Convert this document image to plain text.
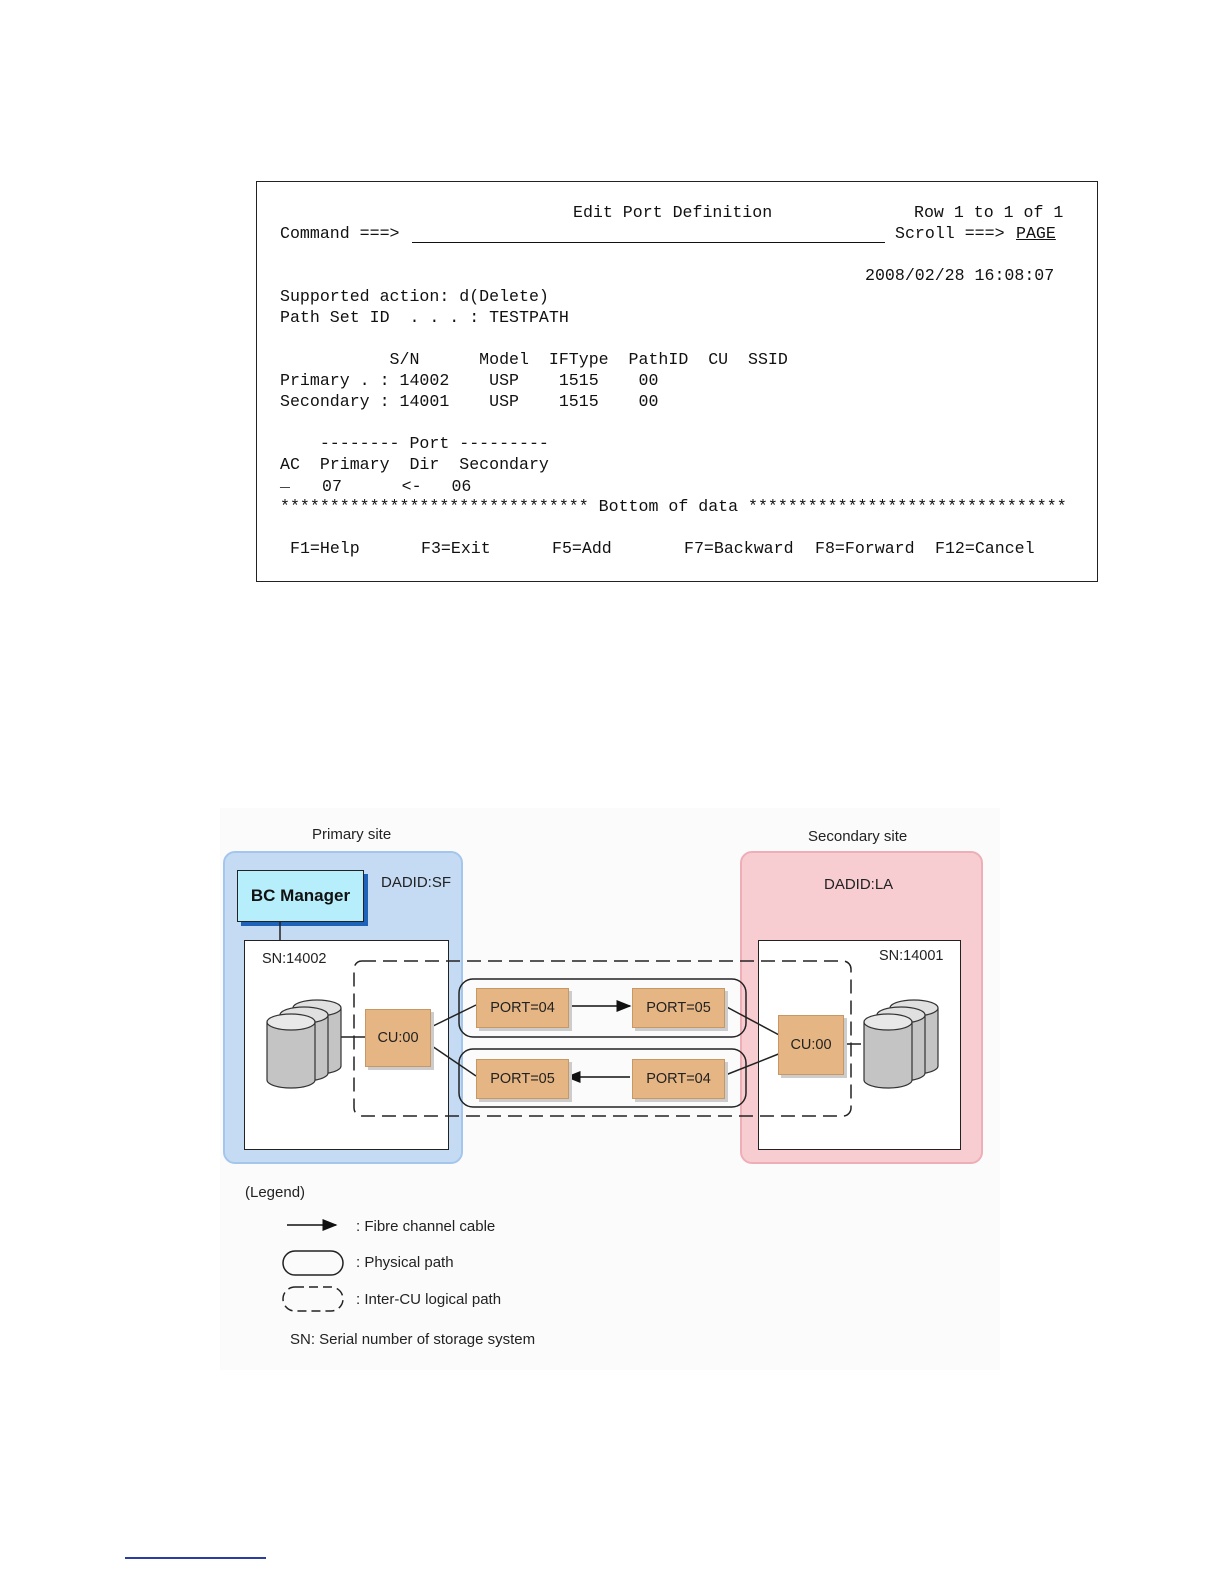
Edit Port Definition	Row 1 to 1 of 1
Command ===>	Scroll ===> PAGE
2008/02/28 16:08:07
Supported action: d(Delete)
Path Set ID  . . . : TESTPATH
S/N      Model  IFType  PathID  CU  SSID
Primary . : 14002    USP    1515    00
Secondary : 14001    USP    1515    00
-------- Port ---------
AC  Primary  Dir  Secondary
_ 07      <-   06
******************************* Bottom of data ********************************
F1=Help	F3=Exit	F5=Add	F7=Backward F8=Forward F12=Cancel
Primary site	Secondary site
DADID:SF	DADID:LA
BC Manager
SN:14002	SN:14001
CU:00	CU:00
PORT=04	PORT=05
PORT=05	PORT=04
(Legend)
: Fibre channel cable
: Physical path
: Inter-CU logical path
SN: Serial number of storage system
